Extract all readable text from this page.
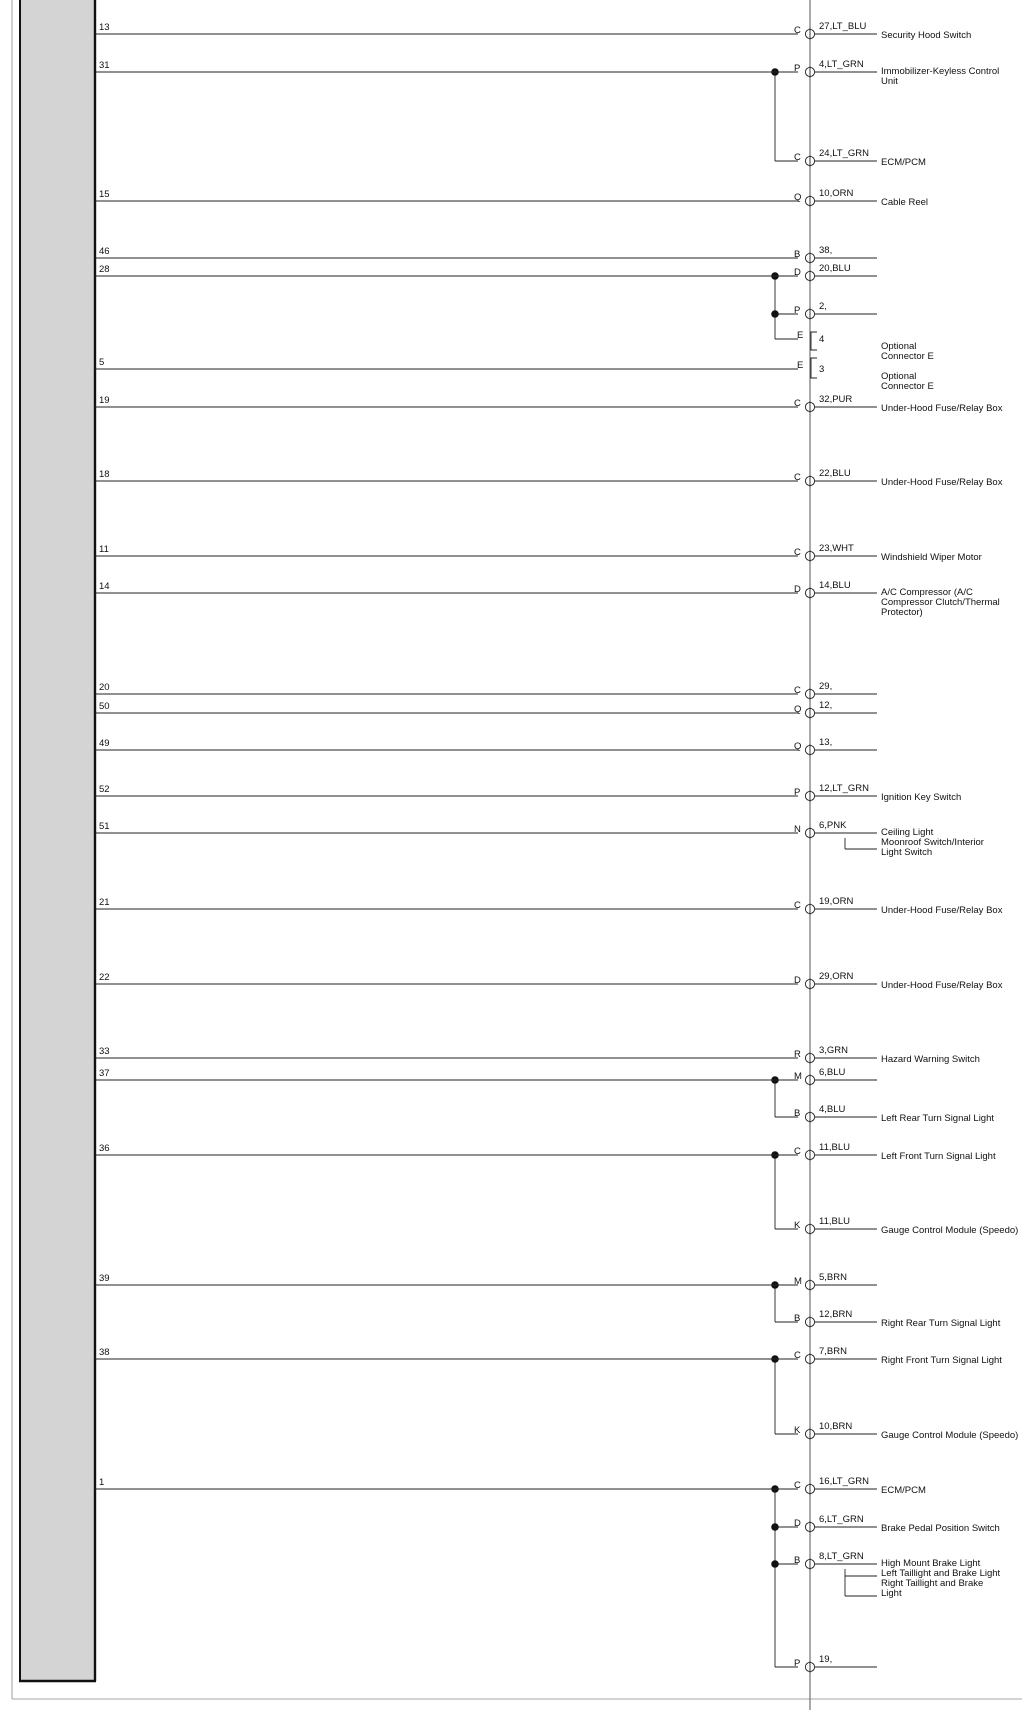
13	C 27,LT_BLU
Security Hood Switch
31	P 4,LT_GRN
Immobilizer-Keyless Control
Unit
C 24,LT_GRN
ECM/PCM
15	Q 10,ORN
Cable Reel
46	B 38,
28	D 20,BLU
P 2,
E 4
Optional
Connector E
5	E 3
Optional
Connector E
19	C 32,PUR
Under-Hood Fuse/Relay Box
18	C 22,BLU
Under-Hood Fuse/Relay Box
11	C 23,WHT
Windshield Wiper Motor
14	D 14,BLU
A/C Compressor (A/C
Compressor Clutch/Thermal
Protector)
20	C 29,
50	Q 12,
49	Q 13,
52	P 12,LT_GRN
Ignition Key Switch
51	N 6,PNK
Ceiling Light
Moonroof Switch/Interior
Light Switch
21	C 19,ORN
Under-Hood Fuse/Relay Box
22	D 29,ORN
Under-Hood Fuse/Relay Box
33	R 3,GRN
Hazard Warning Switch
37	M 6,BLU
B 4,BLU
Left Rear Turn Signal Light
36	C 11,BLU
Left Front Turn Signal Light
K 11,BLU
Gauge Control Module (Speedo)
39	M 5,BRN
B 12,BRN
Right Rear Turn Signal Light
38	C 7,BRN
Right Front Turn Signal Light
K 10,BRN
Gauge Control Module (Speedo)
1	C 16,LT_GRN
ECM/PCM
D 6,LT_GRN
Brake Pedal Position Switch
B 8,LT_GRN
High Mount Brake Light
Left Taillight and Brake Light
Right Taillight and Brake
Light
P 19,
